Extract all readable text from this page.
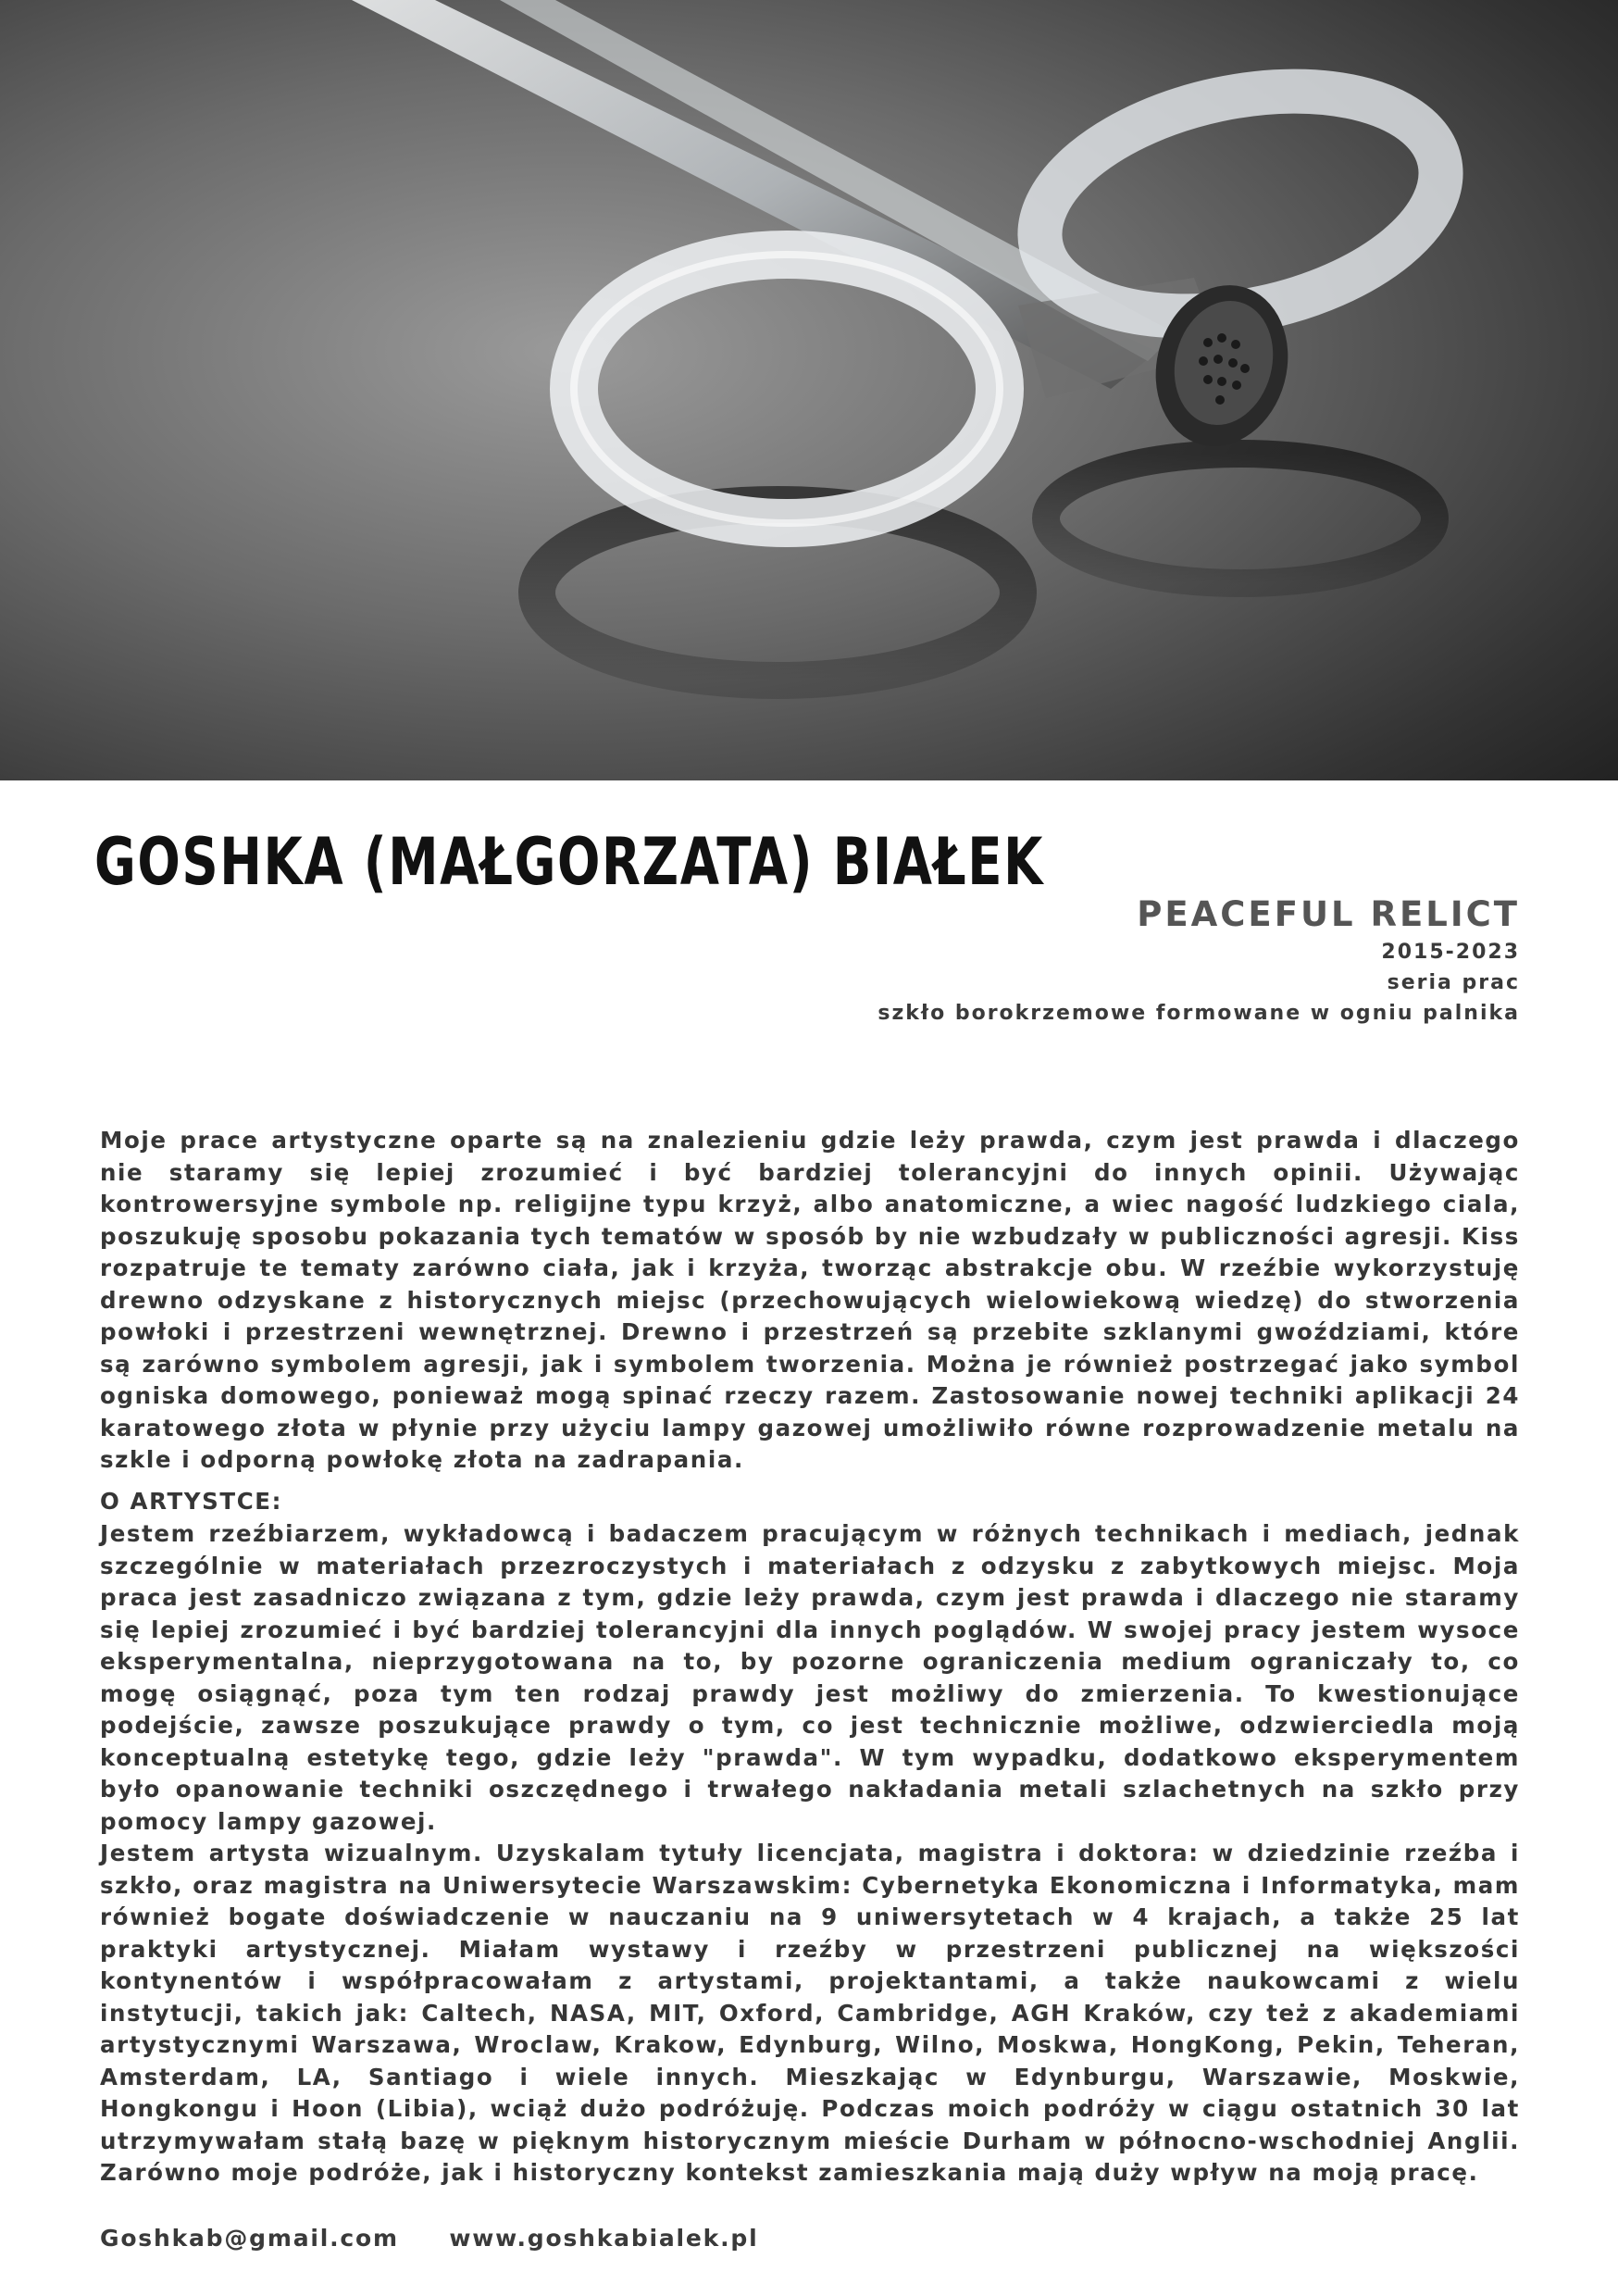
GOSHKA (MAŁGORZATA) BIAŁEK
PEACEFUL RELICT
2015-2023
seria prac
szkło borokrzemowe formowane w ogniu palnika

Moje prace artystyczne oparte są na znalezieniu gdzie leży prawda, czym jest prawda i dlaczego nie staramy się lepiej zrozumieć i być bardziej tolerancyjni do innych opinii. Używając kontrowersyjne symbole np. religijne typu krzyż, albo anatomiczne, a wiec nagość ludzkiego ciala, poszukuję sposobu pokazania tych tematów w sposób by nie wzbudzały w publiczności agresji. Kiss rozpatruje te tematy zarówno ciała, jak i krzyża, tworząc abstrakcje obu. W rzeźbie wykorzystuję drewno odzyskane z historycznych miejsc (przechowujących wielowiekową wiedzę) do stworzenia powłoki i przestrzeni wewnętrznej. Drewno i przestrzeń są przebite szklanymi gwoździami, które są zarówno symbolem agresji, jak i symbolem tworzenia. Można je również postrzegać jako symbol ogniska domowego, ponieważ mogą spinać rzeczy razem. Zastosowanie nowej techniki aplikacji 24 karatowego złota w płynie przy użyciu lampy gazowej umożliwiło równe rozprowadzenie metalu na szkle i odporną powłokę złota na zadrapania.

O ARTYSTCE:

Jestem rzeźbiarzem, wykładowcą i badaczem pracującym w różnych technikach i mediach, jednak szczególnie w materiałach przezroczystych i materiałach z odzysku z zabytkowych miejsc. Moja praca jest zasadniczo związana z tym, gdzie leży prawda, czym jest prawda i dlaczego nie staramy się lepiej zrozumieć i być bardziej tolerancyjni dla innych poglądów. W swojej pracy jestem wysoce eksperymentalna, nieprzygotowana na to, by pozorne ograniczenia medium ograniczały to, co mogę osiągnąć, poza tym ten rodzaj prawdy jest możliwy do zmierzenia. To kwestionujące podejście, zawsze poszukujące prawdy o tym, co jest technicznie możliwe, odzwierciedla moją konceptualną estetykę tego, gdzie leży "prawda". W tym wypadku, dodatkowo eksperymentem było opanowanie techniki oszczędnego i trwałego nakładania metali szlachetnych na szkło przy pomocy lampy gazowej.

Jestem artysta wizualnym. Uzyskalam tytuły licencjata, magistra i doktora: w dziedzinie rzeźba i szkło, oraz magistra na Uniwersytecie Warszawskim: Cybernetyka Ekonomiczna i Informatyka, mam również bogate doświadczenie w nauczaniu na 9 uniwersytetach w 4 krajach, a także 25 lat praktyki artystycznej. Miałam wystawy i rzeźby w przestrzeni publicznej na większości kontynentów i współpracowałam z artystami, projektantami, a także naukowcami z wielu instytucji, takich jak: Caltech, NASA, MIT, Oxford, Cambridge, AGH Kraków, czy też z akademiami artystycznymi Warszawa, Wroclaw, Krakow, Edynburg, Wilno, Moskwa, HongKong, Pekin, Teheran, Amsterdam, LA, Santiago i wiele innych. Mieszkając w Edynburgu, Warszawie, Moskwie, Hongkongu i Hoon (Libia), wciąż dużo podróżuję. Podczas moich podróży w ciągu ostatnich 30 lat utrzymywałam stałą bazę w pięknym historycznym mieście Durham w północno-wschodniej Anglii. Zarówno moje podróże, jak i historyczny kontekst zamieszkania mają duży wpływ na moją pracę.

Goshkab@gmail.com www.goshkabialek.pl
